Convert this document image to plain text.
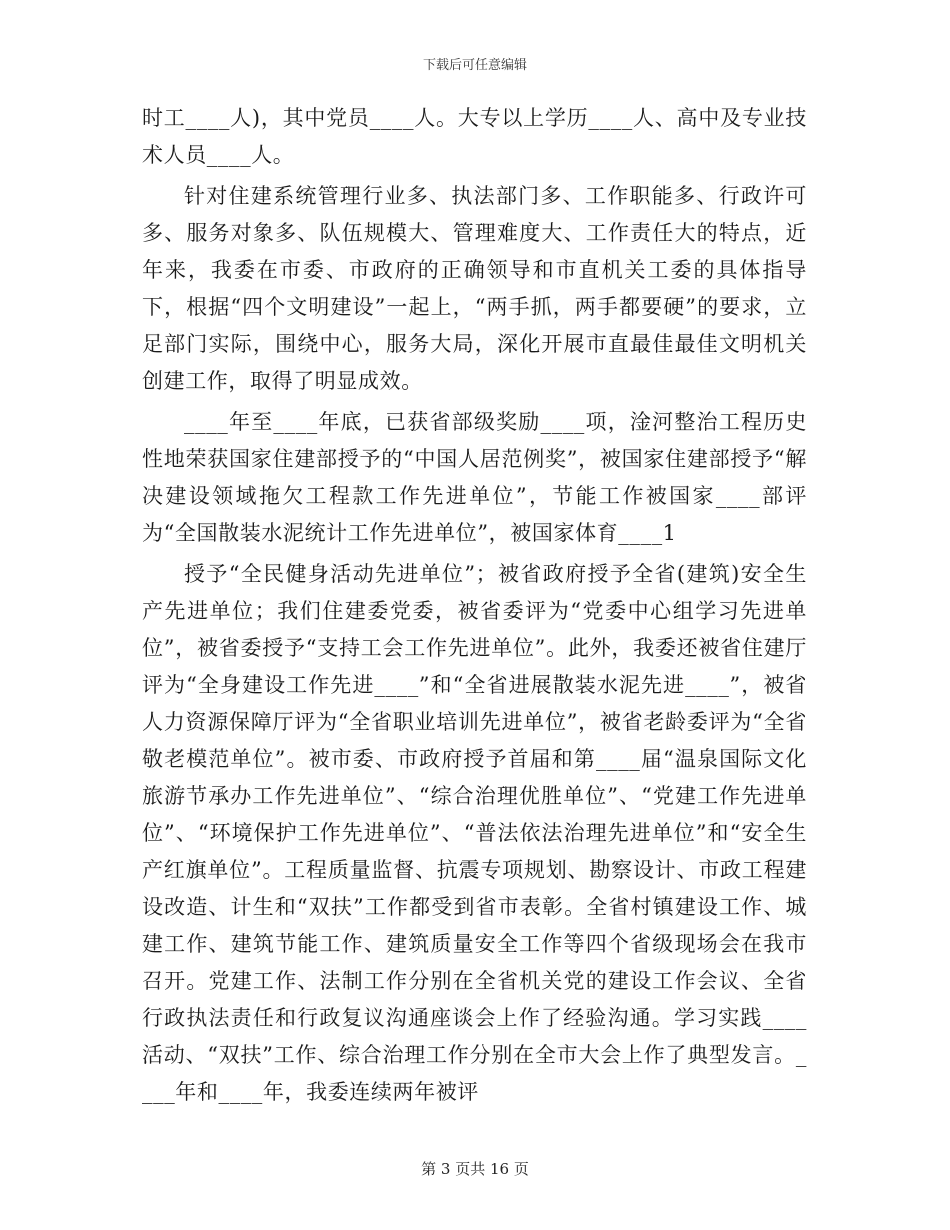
下载后可任意编辑

时工____人)，其中党员____人。大专以上学历____人、高中及专业技术人员____人。

针对住建系统管理行业多、执法部门多、工作职能多、行政许可多、服务对象多、队伍规模大、管理难度大、工作责任大的特点，近年来，我委在市委、市政府的正确领导和市直机关工委的具体指导下，根据“四个文明建设”一起上，“两手抓，两手都要硬”的要求，立足部门实际，围绕中心，服务大局，深化开展市直最佳最佳文明机关创建工作，取得了明显成效。

____年至____年底，已获省部级奖励____项，淦河整治工程历史性地荣获国家住建部授予的“中国人居范例奖”，被国家住建部授予“解决建设领域拖欠工程款工作先进单位”，节能工作被国家____部评为“全国散装水泥统计工作先进单位”，被国家体育____1

授予“全民健身活动先进单位”；被省政府授予全省(建筑)安全生产先进单位；我们住建委党委，被省委评为“党委中心组学习先进单位”，被省委授予“支持工会工作先进单位”。此外，我委还被省住建厅评为“全身建设工作先进____”和“全省进展散装水泥先进____”，被省人力资源保障厅评为“全省职业培训先进单位”，被省老龄委评为“全省敬老模范单位”。被市委、市政府授予首届和第____届“温泉国际文化旅游节承办工作先进单位”、“综合治理优胜单位”、“党建工作先进单位”、“环境保护工作先进单位”、“普法依法治理先进单位”和“安全生产红旗单位”。工程质量监督、抗震专项规划、勘察设计、市政工程建设改造、计生和“双扶”工作都受到省市表彰。全省村镇建设工作、城建工作、建筑节能工作、建筑质量安全工作等四个省级现场会在我市召开。党建工作、法制工作分别在全省机关党的建设工作会议、全省行政执法责任和行政复议沟通座谈会上作了经验沟通。学习实践____活动、“双扶”工作、综合治理工作分别在全市大会上作了典型发言。____年和____年，我委连续两年被评

第 3 页共 16 页
